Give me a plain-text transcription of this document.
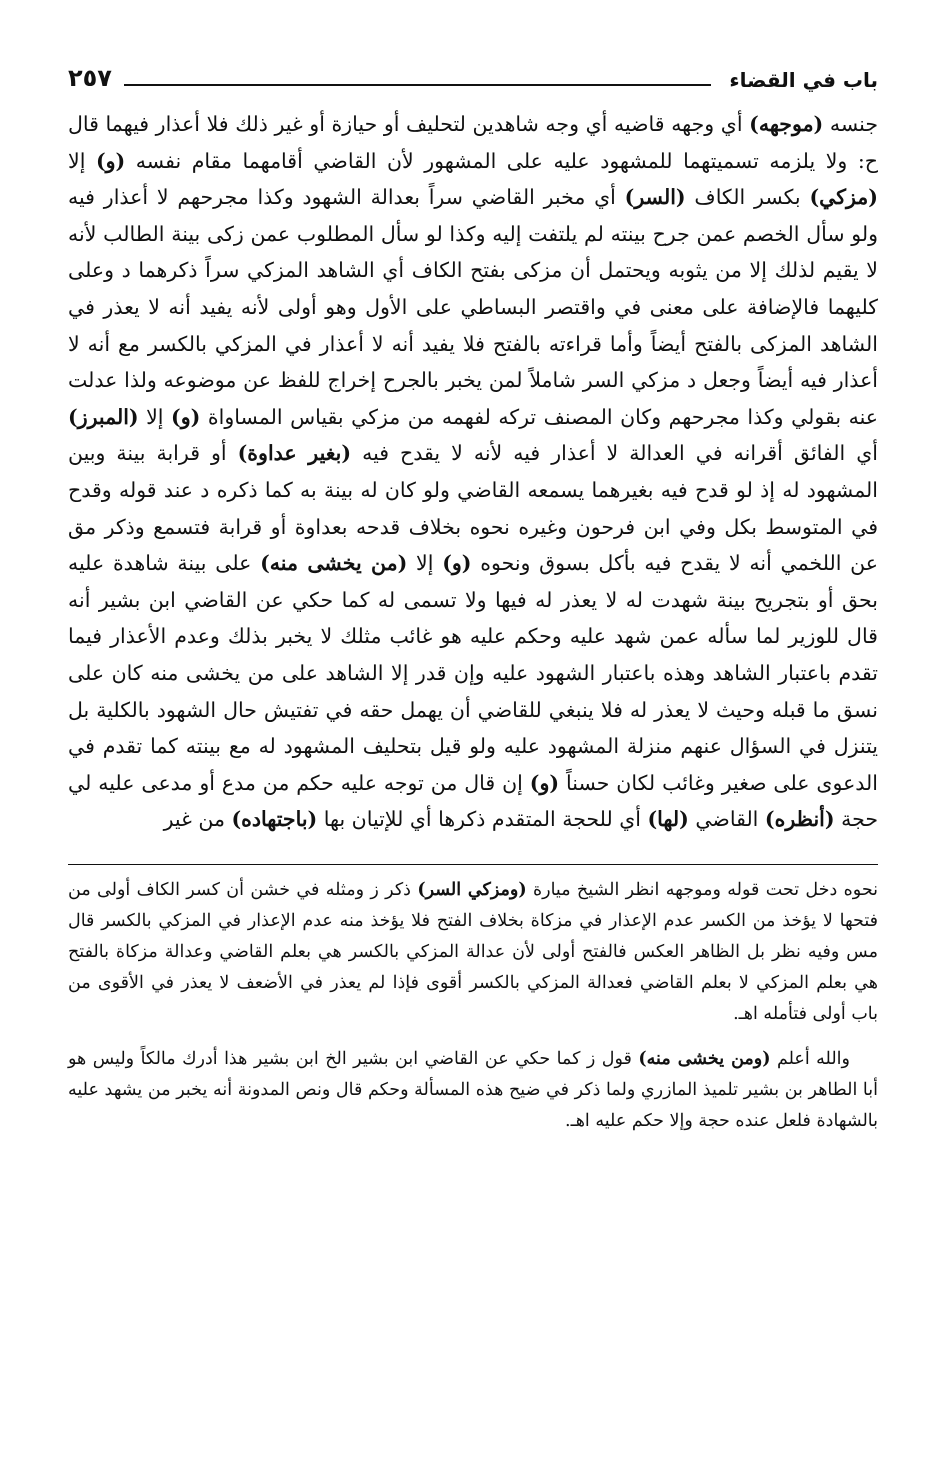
باب في القضاء
٢٥٧

جنسه (موجهه) أي وجهه قاضيه أي وجه شاهدين لتحليف أو حيازة أو غير ذلك فلا أعذار فيهما قال ح: ولا يلزمه تسميتهما للمشهود عليه على المشهور لأن القاضي أقامهما مقام نفسه (و) إلا (مزكي) بكسر الكاف (السر) أي مخبر القاضي سراً بعدالة الشهود وكذا مجرحهم لا أعذار فيه ولو سأل الخصم عمن جرح بينته لم يلتفت إليه وكذا لو سأل المطلوب عمن زكى بينة الطالب لأنه لا يقيم لذلك إلا من يثوبه ويحتمل أن مزكى بفتح الكاف أي الشاهد المزكي سراً ذكرهما د وعلى كليهما فالإضافة على معنى في واقتصر البساطي على الأول وهو أولى لأنه يفيد أنه لا يعذر في الشاهد المزكى بالفتح أيضاً وأما قراءته بالفتح فلا يفيد أنه لا أعذار في المزكي بالكسر مع أنه لا أعذار فيه أيضاً وجعل د مزكي السر شاملاً لمن يخبر بالجرح إخراج للفظ عن موضوعه ولذا عدلت عنه بقولي وكذا مجرحهم وكان المصنف تركه لفهمه من مزكي بقياس المساواة (و) إلا (المبرز) أي الفائق أقرانه في العدالة لا أعذار فيه لأنه لا يقدح فيه (بغير عداوة) أو قرابة بينة وبين المشهود له إذ لو قدح فيه بغيرهما يسمعه القاضي ولو كان له بينة به كما ذكره د عند قوله وقدح في المتوسط بكل وفي ابن فرحون وغيره نحوه بخلاف قدحه بعداوة أو قرابة فتسمع وذكر مق عن اللخمي أنه لا يقدح فيه بأكل بسوق ونحوه (و) إلا (من يخشى منه) على بينة شاهدة عليه بحق أو بتجريح بينة شهدت له لا يعذر له فيها ولا تسمى له كما حكي عن القاضي ابن بشير أنه قال للوزير لما سأله عمن شهد عليه وحكم عليه هو غائب مثلك لا يخبر بذلك وعدم الأعذار فيما تقدم باعتبار الشاهد وهذه باعتبار الشهود عليه وإن قدر إلا الشاهد على من يخشى منه كان على نسق ما قبله وحيث لا يعذر له فلا ينبغي للقاضي أن يهمل حقه في تفتيش حال الشهود بالكلية بل يتنزل في السؤال عنهم منزلة المشهود عليه ولو قيل بتحليف المشهود له مع بينته كما تقدم في الدعوى على صغير وغائب لكان حسناً (و) إن قال من توجه عليه حكم من مدع أو مدعى عليه لي حجة (أنظره) القاضي (لها) أي للحجة المتقدم ذكرها أي للإتيان بها (باجتهاده) من غير

نحوه دخل تحت قوله وموجهه انظر الشيخ ميارة (ومزكي السر) ذكر ز ومثله في خشن أن كسر الكاف أولى من فتحها لا يؤخذ من الكسر عدم الإعذار في مزكاة بخلاف الفتح فلا يؤخذ منه عدم الإعذار في المزكي بالكسر قال مس وفيه نظر بل الظاهر العكس فالفتح أولى لأن عدالة المزكي بالكسر هي بعلم القاضي وعدالة مزكاة بالفتح هي بعلم المزكي لا بعلم القاضي فعدالة المزكي بالكسر أقوى فإذا لم يعذر في الأضعف لا يعذر في الأقوى من باب أولى فتأمله اهـ.

والله أعلم (ومن يخشى منه) قول ز كما حكي عن القاضي ابن بشير الخ ابن بشير هذا أدرك مالكاً وليس هو أبا الطاهر بن بشير تلميذ المازري ولما ذكر في ضيح هذه المسألة وحكم قال ونص المدونة أنه يخبر من يشهد عليه بالشهادة فلعل عنده حجة وإلا حكم عليه اهـ.
